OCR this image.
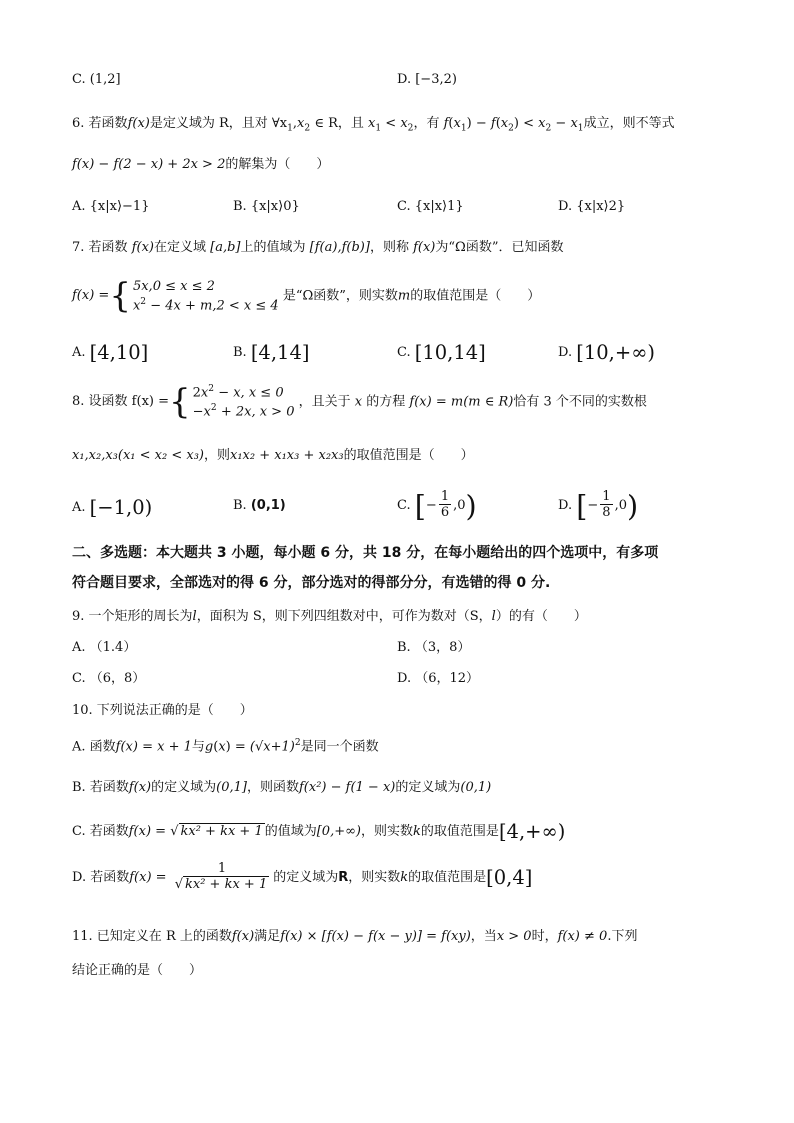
C. (1,2]	D. [−3,2)
6. 若函数f(x)是定义域为 R，且对 $\forall x_1,x_2$ ∈ R，且 $x_1 < x_2$，有 $f(x_1) - f(x_2) < x_2 - x_1$成立，则不等式
f(x) − f(2 − x) + 2x > 2的解集为（　　）
A. {x|x⟩−1}	B. {x|x⟩0}	C. {x|x⟩1}	D. {x|x⟩2}
7. 若函数 f(x)在定义域 [a,b]上的值域为 [f(a),f(b)]，则称 f(x)为“Ω函数”．已知函数
f(x) = { 5x,0 ≤ x ≤ 2
$x^2 - 4x + m,2 < x \le 4$
是“Ω函数”，则实数m的取值范围是（　　）
A. [4,10]	B. [4,14]	C. [10,14]	D. [10,+∞)
8.
设函数 f(x) = { $2x^2 - x$, x ≤ 0
$-x^2 + 2x$, x > 0
，且关于 x 的方程 f(x) = m(m ∈ R)恰有 3 个不同的实数根
x₁,x₂,x₃(x₁ < x₂ < x₃)，则x₁x₂ + x₁x₃ + x₂x₃的取值范围是（　　）
A. [−1,0)	B. (0,1)	C. [− $\frac{1}{6} ,0$)	D. [− $\frac{1}{8} ,0$)
二、多选题：本大题共 3 小题，每小题 6 分，共 18 分，在每小题给出的四个选项中，有多项
符合题目要求，全部选对的得 6 分，部分选对的得部分分，有选错的得 0 分.
9. 一个矩形的周长为l，面积为 S，则下列四组数对中，可作为数对（S，l）的有（　　）
A. （1.4）	B. （3，8）
C. （6，8）	D. （6，12）
10. 下列说法正确的是（　　）
A. 函数f(x) = x + 1与$g(x) = (√x+1)^2$是同一个函数
B. 若函数f(x)的定义域为(0,1]，则函数f(x²) − f(1 − x)的定义域为(0,1)
C. 若函数f(x) = √ kx² + kx + 1 的值域为[0,+∞)，则实数k的取值范围是[4,+∞)
D. 若函数$f(x) = \frac{1}{\text{√ kx² + kx + 1}}$ 的定义域为R，则实数k的取值范围是[0,4]
11. 已知定义在 R 上的函数f(x)满足f(x) × [f(x) − f(x − y)] = f(xy)，当x > 0时，f(x) ≠ 0.下列
结论正确的是（　　）
